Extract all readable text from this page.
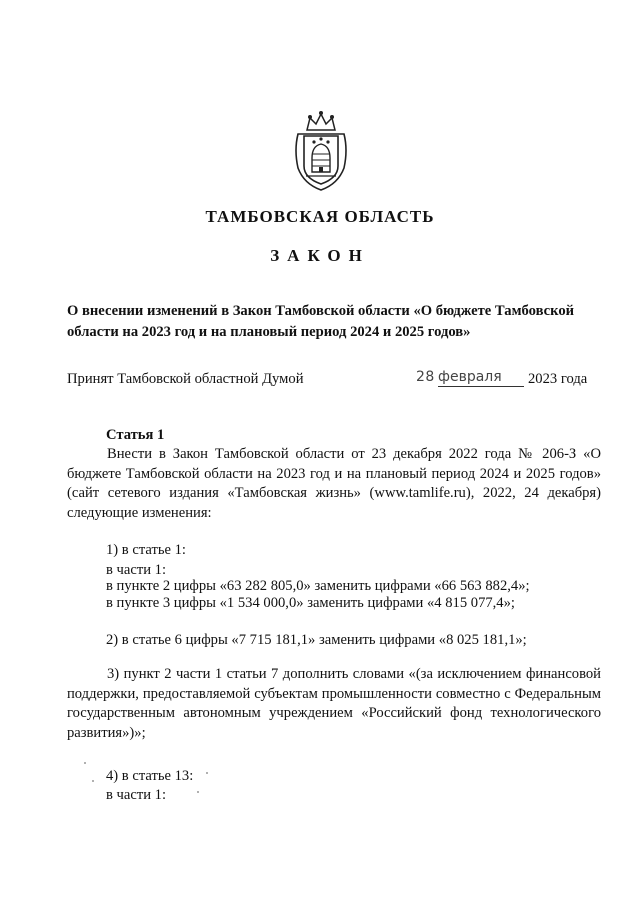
ТАМБОВСКАЯ ОБЛАСТЬ
ЗАКОН
О внесении изменений в Закон Тамбовской области «О бюджете Тамбовской области на 2023 год и на плановый период 2024 и 2025 годов»
Принят Тамбовской областной Думой	28 февраля 2023 года
Статья 1
Внести в Закон Тамбовской области от 23 декабря 2022 года № 206-З «О бюджете Тамбовской области на 2023 год и на плановый период 2024 и 2025 годов» (сайт сетевого издания «Тамбовская жизнь» (www.tamlife.ru), 2022, 24 декабря) следующие изменения:
1) в статье 1:
в части 1:
в пункте 2 цифры «63 282 805,0» заменить цифрами «66 563 882,4»;
в пункте 3 цифры «1 534 000,0» заменить цифрами «4 815 077,4»;
2) в статье 6 цифры «7 715 181,1» заменить цифрами «8 025 181,1»;
3) пункт 2 части 1 статьи 7 дополнить словами «(за исключением финансовой поддержки, предоставляемой субъектам промышленности совместно с Федеральным государственным автономным учреждением «Российский фонд технологического развития»)»;
4) в статье 13:
в части 1:
